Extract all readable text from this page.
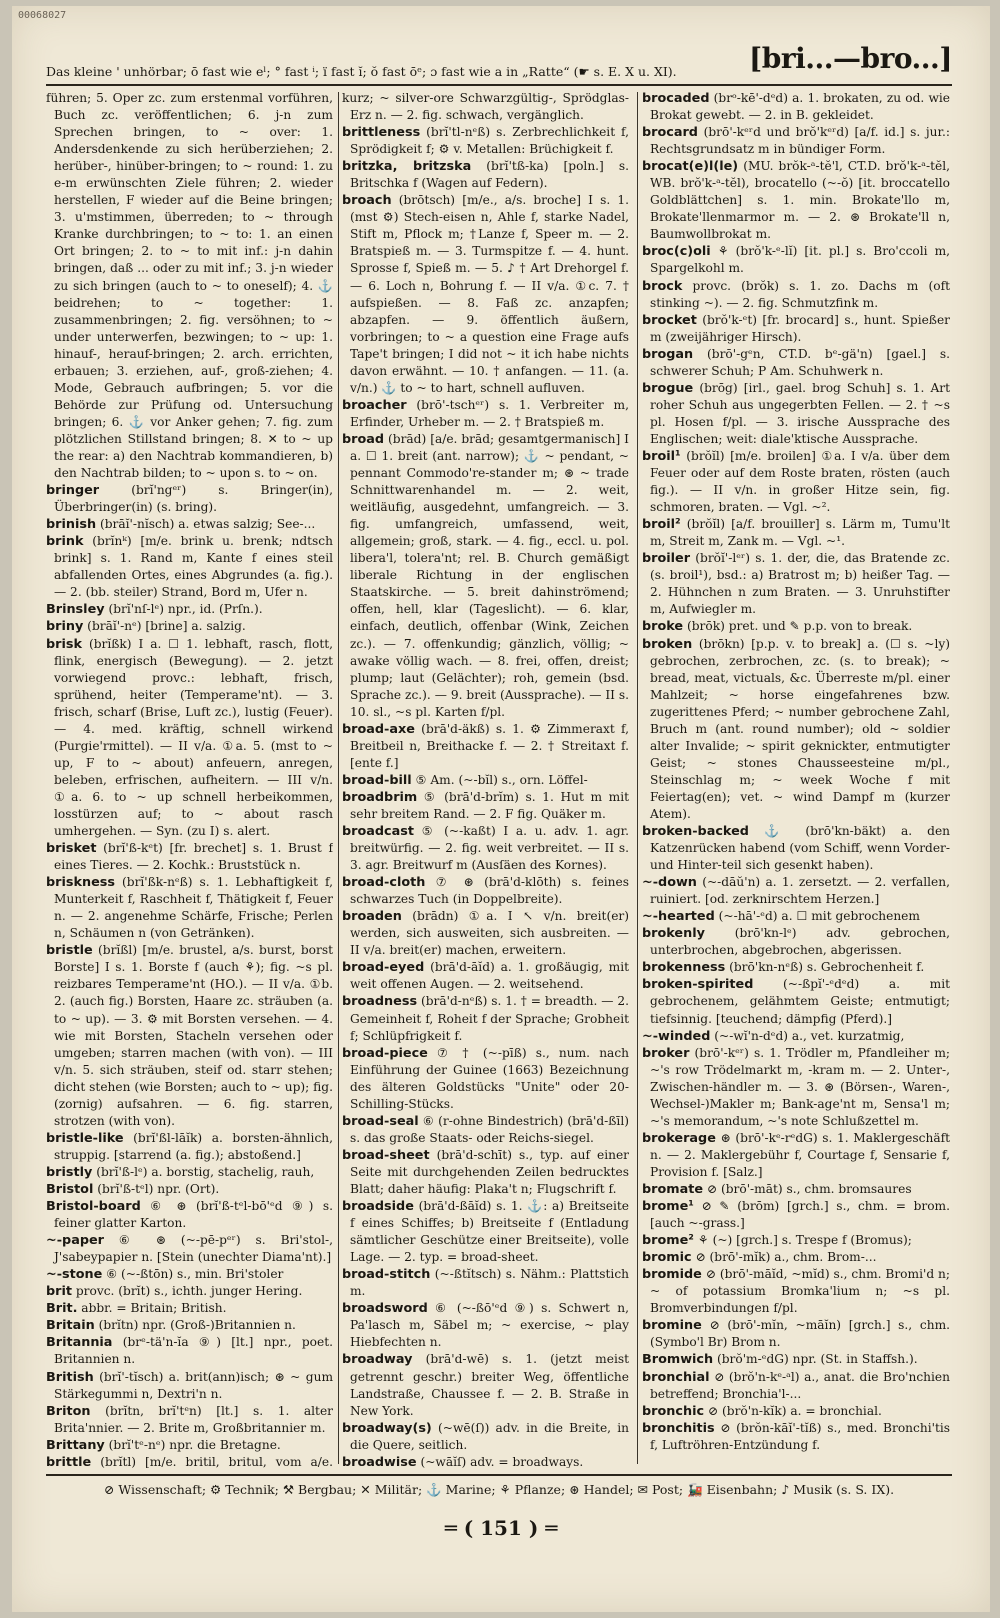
00068027
Das kleine ' unhörbar; ō fast wie eˡ; ° fast ⁱ; ï fast ĭ; ŏ fast ōᵉ; ɔ fast wie a in „Ratte“ (☛ s. E. X u. XI).	[bri...—bro...]

führen; 5. Oper zc. zum erstenmal vorführen, Buch zc. veröffentlichen; 6. j-n zum Sprechen bringen, to ~ over: 1. Andersdenkende zu sich herüberziehen; 2. herüber-, hinüber-bringen; to ~ round: 1. zu e-m erwünschten Ziele führen; 2. wieder herstellen, F wieder auf die Beine bringen; 3. u'mstimmen, überreden; to ~ through Kranke durchbringen; to ~ to: 1. an einen Ort bringen; 2. to ~ to mit inf.: j-n dahin bringen, daß ... oder zu mit inf.; 3. j-n wieder zu sich bringen (auch to ~ to oneself); 4. ⚓ beidrehen; to ~ together: 1. zusammenbringen; 2. fig. versöhnen; to ~ under unterwerfen, bezwingen; to ~ up: 1. hinauf-, herauf-bringen; 2. arch. errichten, erbauen; 3. erziehen, auf-, groß-ziehen; 4. Mode, Gebrauch aufbringen; 5. vor die Behörde zur Prüfung od. Untersuchung bringen; 6. ⚓ vor Anker gehen; 7. fig. zum plötzlichen Stillstand bringen; 8. ✕ to ~ up the rear: a) den Nachtrab kommandieren, b) den Nachtrab bilden; to ~ upon s. to ~ on.

bringer (brĭ'ngᵉʳ) s. Bringer(in), Überbringer(in) (s. bring).

brinish (brāĭ'-nĭsch) a. etwas salzig; See-...

brink (brĭnᵏ) [m/e. brink u. brenk; ndtsch brink] s. 1. Rand m, Kante f eines steil abfallenden Ortes, eines Abgrundes (a. fig.). — 2. (bb. steiler) Strand, Bord m, Ufer n.

Brinsley (brĭ'nſ-lᵉ) npr., id. (Prſn.).

briny (brāĭ'-nᵉ) [brine] a. salzig.

brisk (brĭßk) I a. ☐ 1. lebhaft, rasch, flott, flink, energisch (Bewegung). — 2. jetzt vorwiegend provc.: lebhaft, frisch, sprühend, heiter (Temperame'nt). — 3. frisch, scharf (Brise, Luft zc.), lustig (Feuer). — 4. med. kräftig, schnell wirkend (Purgie'rmittel). — II v/a. ①a. 5. (mst to ~ up, F to ~ about) anfeuern, anregen, beleben, erfrischen, aufheitern. — III v/n. ①a. 6. to ~ up schnell herbeikommen, losstürzen auf; to ~ about rasch umhergehen. — Syn. (zu I) s. alert.

brisket (brĭ'ß-kᵉt) [fr. brechet] s. 1. Brust f eines Tieres. — 2. Kochk.: Bruststück n.

briskness (brĭ'ßk-nᵉß) s. 1. Lebhaftigkeit f, Munterkeit f, Raschheit f, Thätigkeit f, Feuer n. — 2. angenehme Schärfe, Frische; Perlen n, Schäumen n (von Getränken).

bristle (brĭßl) [m/e. brustel, a/s. burst, borst Borste] I s. 1. Borste f (auch ⚘); fig. ~s pl. reizbares Temperame'nt (HO.). — II v/a. ①b. 2. (auch fig.) Borsten, Haare zc. sträuben (a. to ~ up). — 3. ⚙ mit Borsten versehen. — 4. wie mit Borsten, Stacheln versehen oder umgeben; starren machen (with von). — III v/n. 5. sich sträuben, steif od. starr stehen; dicht stehen (wie Borsten; auch to ~ up); fig. (zornig) aufsahren. — 6. fig. starren, strotzen (with von).

bristle-like (brĭ'ßl-lāĭk) a. borsten-ähnlich, struppig. [starrend (a. fig.); abstoßend.]

bristly (brĭ'ß-lᵉ) a. borstig, stachelig, rauh,

Bristol (brĭ'ß-tᵉl) npr. (Ort).

Bristol-board ⑥ ⊛ (brĭ'ß-tᵉl-bō'ᵉd ⑨) s. feiner glatter Karton.

~-paper ⑥ ⊛ (~-pē-pᵉʳ) s. Bri'stol-, J'sabeypapier n. [Stein (unechter Diama'nt).]

~-stone ⑥ (~-ßtōn) s., min. Bri'stoler

brit provc. (brĭt) s., ichth. junger Hering.

Brit. abbr. = Britain; British.

Britain (brĭtn) npr. (Groß-)Britannien n.

Britannia (brᵉ-tä'n-ĭa ⑨) [lt.] npr., poet. Britannien n.

British (brĭ'-tĭsch) a. brit(ann)isch; ⊛ ~ gum Stärkegummi n, Dextri'n n.

Briton (brĭtn, brĭ'tᵉn) [lt.] s. 1. alter Brita'nnier. — 2. Brite m, Großbritannier m.

Brittany (brĭ'tᵉ-nᵉ) npr. die Bretagne.

brittle (brĭtl) [m/e. britil, britul, vom a/e.

kurz; ~ silver-ore Schwarzgültig-, Sprödglas-Erz n. — 2. fig. schwach, vergänglich.

brittleness (brĭ'tl-nᵉß) s. Zerbrechlichkeit f, Sprödigkeit f; ⚙ v. Metallen: Brüchigkeit f.

britzka, britzska (brĭ'tß-ka) [poln.] s. Britschka f (Wagen auf Federn).

broach (brōtsch) [m/e., a/s. broche] I s. 1. (mst ⚙) Stech-eisen n, Ahle f, starke Nadel, Stift m, Pflock m; †Lanze f, Speer m. — 2. Bratspieß m. — 3. Turmspitze f. — 4. hunt. Sprosse f, Spieß m. — 5. ♪ † Art Drehorgel f. — 6. Loch n, Bohrung f. — II v/a. ①c. 7. † aufspießen. — 8. Faß zc. anzapfen; abzapfen. — 9. öffentlich äußern, vorbringen; to ~ a question eine Frage aufs Tape't bringen; I did not ~ it ich habe nichts davon erwähnt. — 10. † anfangen. — 11. (a. v/n.) ⚓ to ~ to hart, schnell aufluven.

broacher (brō'-tschᵉʳ) s. 1. Verbreiter m, Erfinder, Urheber m. — 2. † Bratspieß m.

broad (brād) [a/e. brād; gesamtgermanisch] I a. ☐ 1. breit (ant. narrow); ⚓ ~ pendant, ~ pennant Commodo're-stander m; ⊛ ~ trade Schnittwarenhandel m. — 2. weit, weitläufig, ausgedehnt, umfangreich. — 3. fig. umfangreich, umfassend, weit, allgemein; groß, stark. — 4. fig., eccl. u. pol. libera'l, tolera'nt; rel. B. Church gemäßigt liberale Richtung in der englischen Staatskirche. — 5. breit dahinströmend; offen, hell, klar (Tageslicht). — 6. klar, einfach, deutlich, offenbar (Wink, Zeichen zc.). — 7. offenkundig; gänzlich, völlig; ~ awake völlig wach. — 8. frei, offen, dreist; plump; laut (Gelächter); roh, gemein (bsd. Sprache zc.). — 9. breit (Aussprache). — II s. 10. sl., ~s pl. Karten f/pl.

broad-axe (brā'd-äkß) s. 1. ⚙ Zimmeraxt f, Breitbeil n, Breithacke f. — 2. † Streitaxt f. [ente f.]

broad-bill ⑤ Am. (~-bĭl) s., orn. Löffel-

broadbrim ⑤ (brā'd-brĭm) s. 1. Hut m mit sehr breitem Rand. — 2. F fig. Quäker m.

broadcast ⑤ (~-kaßt) I a. u. adv. 1. agr. breitwürfig. — 2. fig. weit verbreitet. — II s. 3. agr. Breitwurf m (Ausſäen des Kornes).

broad-cloth ⑦ ⊛ (brā'd-klōth) s. feines schwarzes Tuch (in Doppelbreite).

broaden (brādn) ①a. I ↖ v/n. breit(er) werden, sich ausweiten, sich ausbreiten. — II v/a. breit(er) machen, erweitern.

broad-eyed (brā'd-āĭd) a. 1. großäugig, mit weit offenen Augen. — 2. weitsehend.

broadness (brā'd-nᵉß) s. 1. † = breadth. — 2. Gemeinheit f, Roheit f der Sprache; Grobheit f; Schlüpfrigkeit f.

broad-piece ⑦ † (~-pīß) s., num. nach Einführung der Guinee (1663) Bezeichnung des älteren Goldstücks "Unite" oder 20-Schilling-Stücks.

broad-seal ⑥ (r-ohne Bindestrich) (brā'd-ßīl) s. das große Staats- oder Reichs-siegel.

broad-sheet (brā'd-schīt) s., typ. auf einer Seite mit durchgehenden Zeilen bedrucktes Blatt; daher häufig: Plaka't n; Flugschrift f.

broadside (brā'd-ßāĭd) s. 1. ⚓: a) Breitseite f eines Schiffes; b) Breitseite f (Entladung sämtlicher Geschütze einer Breitseite), volle Lage. — 2. typ. = broad-sheet.

broad-stitch (~-ßtĭtsch) s. Nähm.: Plattstich m.

broadsword ⑥ (~-ßō'ᵉd ⑨) s. Schwert n, Pa'lasch m, Säbel m; ~ exercise, ~ play Hiebfechten n.

broadway (brā'd-wē) s. 1. (jetzt meist getrennt geschr.) breiter Weg, öffentliche Landstraße, Chaussee f. — 2. B. Straße in New York.

broadway(s) (~wē(ſ)) adv. in die Breite, in die Quere, seitlich.

broadwise (~wāĭſ) adv. = broadways.

brocaded (brᵒ-kē'-dᵉd) a. 1. brokaten, zu od. wie Brokat gewebt. — 2. in B. gekleidet.

brocard (brō'-kᵉʳd und brŏ'kᵉʳd) [a/f. id.] s. jur.: Rechtsgrundsatz m in bündiger Form.

brocat(e)l(le) (MU. brŏk-ᵃ-tĕ'l, CT.D. brŏ'k-ᵃ-tĕl, WB. brŏ'k-ᵃ-tĕl), brocatello (~-ŏ) [it. broccatello Goldblättchen] s. 1. min. Brokate'llo m, Brokate'llenmarmor m. — 2. ⊛ Brokate'll n, Baumwollbrokat m.

broc(c)oli ⚘ (brŏ'k-ᵉ-lĭ) [it. pl.] s. Bro'ccoli m, Spargelkohl m.

brock provc. (brŏk) s. 1. zo. Dachs m (oft stinking ~). — 2. fig. Schmutzfink m.

brocket (brŏ'k-ᵉt) [fr. brocard] s., hunt. Spießer m (zweijähriger Hirsch).

brogan (brō'-gᵉn, CT.D. bᵉ-gä'n) [gael.] s. schwerer Schuh; P Am. Schuhwerk n.

brogue (brōg) [irl., gael. brog Schuh] s. 1. Art roher Schuh aus ungegerbten Fellen. — 2. † ~s pl. Hosen f/pl. — 3. irische Aussprache des Englischen; weit: diale'ktische Aussprache.

broil¹ (brŏĭl) [m/e. broilen] ①a. I v/a. über dem Feuer oder auf dem Roste braten, rösten (auch fig.). — II v/n. in großer Hitze sein, fig. schmoren, braten. — Vgl. ~².

broil² (brŏĭl) [a/f. brouiller] s. Lärm m, Tumu'lt m, Streit m, Zank m. — Vgl. ~¹.

broiler (brŏĭ'-lᵉʳ) s. 1. der, die, das Bratende zc. (s. broil¹), bsd.: a) Bratrost m; b) heißer Tag. — 2. Hühnchen n zum Braten. — 3. Unruhstifter m, Aufwiegler m.

broke (brōk) pret. und ✎ p.p. von to break.

broken (brōkn) [p.p. v. to break] a. (☐ s. ~ly) gebrochen, zerbrochen, zc. (s. to break); ~ bread, meat, victuals, &c. Überreste m/pl. einer Mahlzeit; ~ horse eingefahrenes bzw. zugerittenes Pferd; ~ number gebrochene Zahl, Bruch m (ant. round number); old ~ soldier alter Invalide; ~ spirit geknickter, entmutigter Geist; ~ stones Chausseesteine m/pl., Steinschlag m; ~ week Woche f mit Feiertag(en); vet. ~ wind Dampf m (kurzer Atem).

broken-backed ⚓ (brō'kn-bäkt) a. den Katzenrücken habend (vom Schiff, wenn Vorder- und Hinter-teil sich gesenkt haben).

~-down (~-dāŭ'n) a. 1. zersetzt. — 2. verfallen, ruiniert. [od. zerknirschtem Herzen.]

~-hearted (~-hā'-ᵉd) a. ☐ mit gebrochenem

brokenly (brō'kn-lᵉ) adv. gebrochen, unterbrochen, abgebrochen, abgerissen.

brokenness (brō'kn-nᵉß) s. Gebrochenheit f.

broken-spirited (~-ßpĭ'-ᵉdᵉd) a. mit gebrochenem, gelähmtem Geiste; entmutigt; tiefsinnig. [teuchend; dämpfig (Pferd).]

~-winded (~-wĭ'n-dᵉd) a., vet. kurzatmig,

broker (brō'-kᵉʳ) s. 1. Trödler m, Pfandleiher m; ~'s row Trödelmarkt m, -kram m. — 2. Unter-, Zwischen-händler m. — 3. ⊛ (Börsen-, Waren-, Wechsel-)Makler m; Bank-age'nt m, Sensa'l m; ~'s memorandum, ~'s note Schlußzettel m.

brokerage ⊛ (brō'-kᵉ-rᵉdG) s. 1. Maklergeschäft n. — 2. Maklergebühr f, Courtage f, Sensarie f, Provision f. [Salz.]

bromate ⊘ (brō'-māt) s., chm. bromsaures

brome¹ ⊘ ✎ (brōm) [grch.] s., chm. = brom. [auch ~-grass.]

brome² ⚘ (~) [grch.] s. Trespe f (Bromus);

bromic ⊘ (brō'-mĭk) a., chm. Brom-...

bromide ⊘ (brō'-māĭd, ~mĭd) s., chm. Bromi'd n; ~ of potassium Bromka'lium n; ~s pl. Bromverbindungen f/pl.

bromine ⊘ (brō'-mĭn, ~māĭn) [grch.] s., chm. (Symbo'l Br) Brom n.

Bromwich (brŏ'm-ᵉdG) npr. (St. in Staffsh.).

bronchial ⊘ (brŏ'n-kᵉ-ᵃl) a., anat. die Bro'nchien betreffend; Bronchia'l-...

bronchic ⊘ (brŏ'n-kĭk) a. = bronchial.

bronchitis ⊘ (brŏn-kāĭ'-tĭß) s., med. Bronchi'tis f, Luftröhren-Entzündung f.

⊘ Wissenschaft; ⚙ Technik; ⚒ Bergbau; ✕ Militär; ⚓ Marine; ⚘ Pflanze; ⊛ Handel; ✉ Post; 🚂 Eisenbahn; ♪ Musik (s. S. IX).
═ ( 151 ) ═
